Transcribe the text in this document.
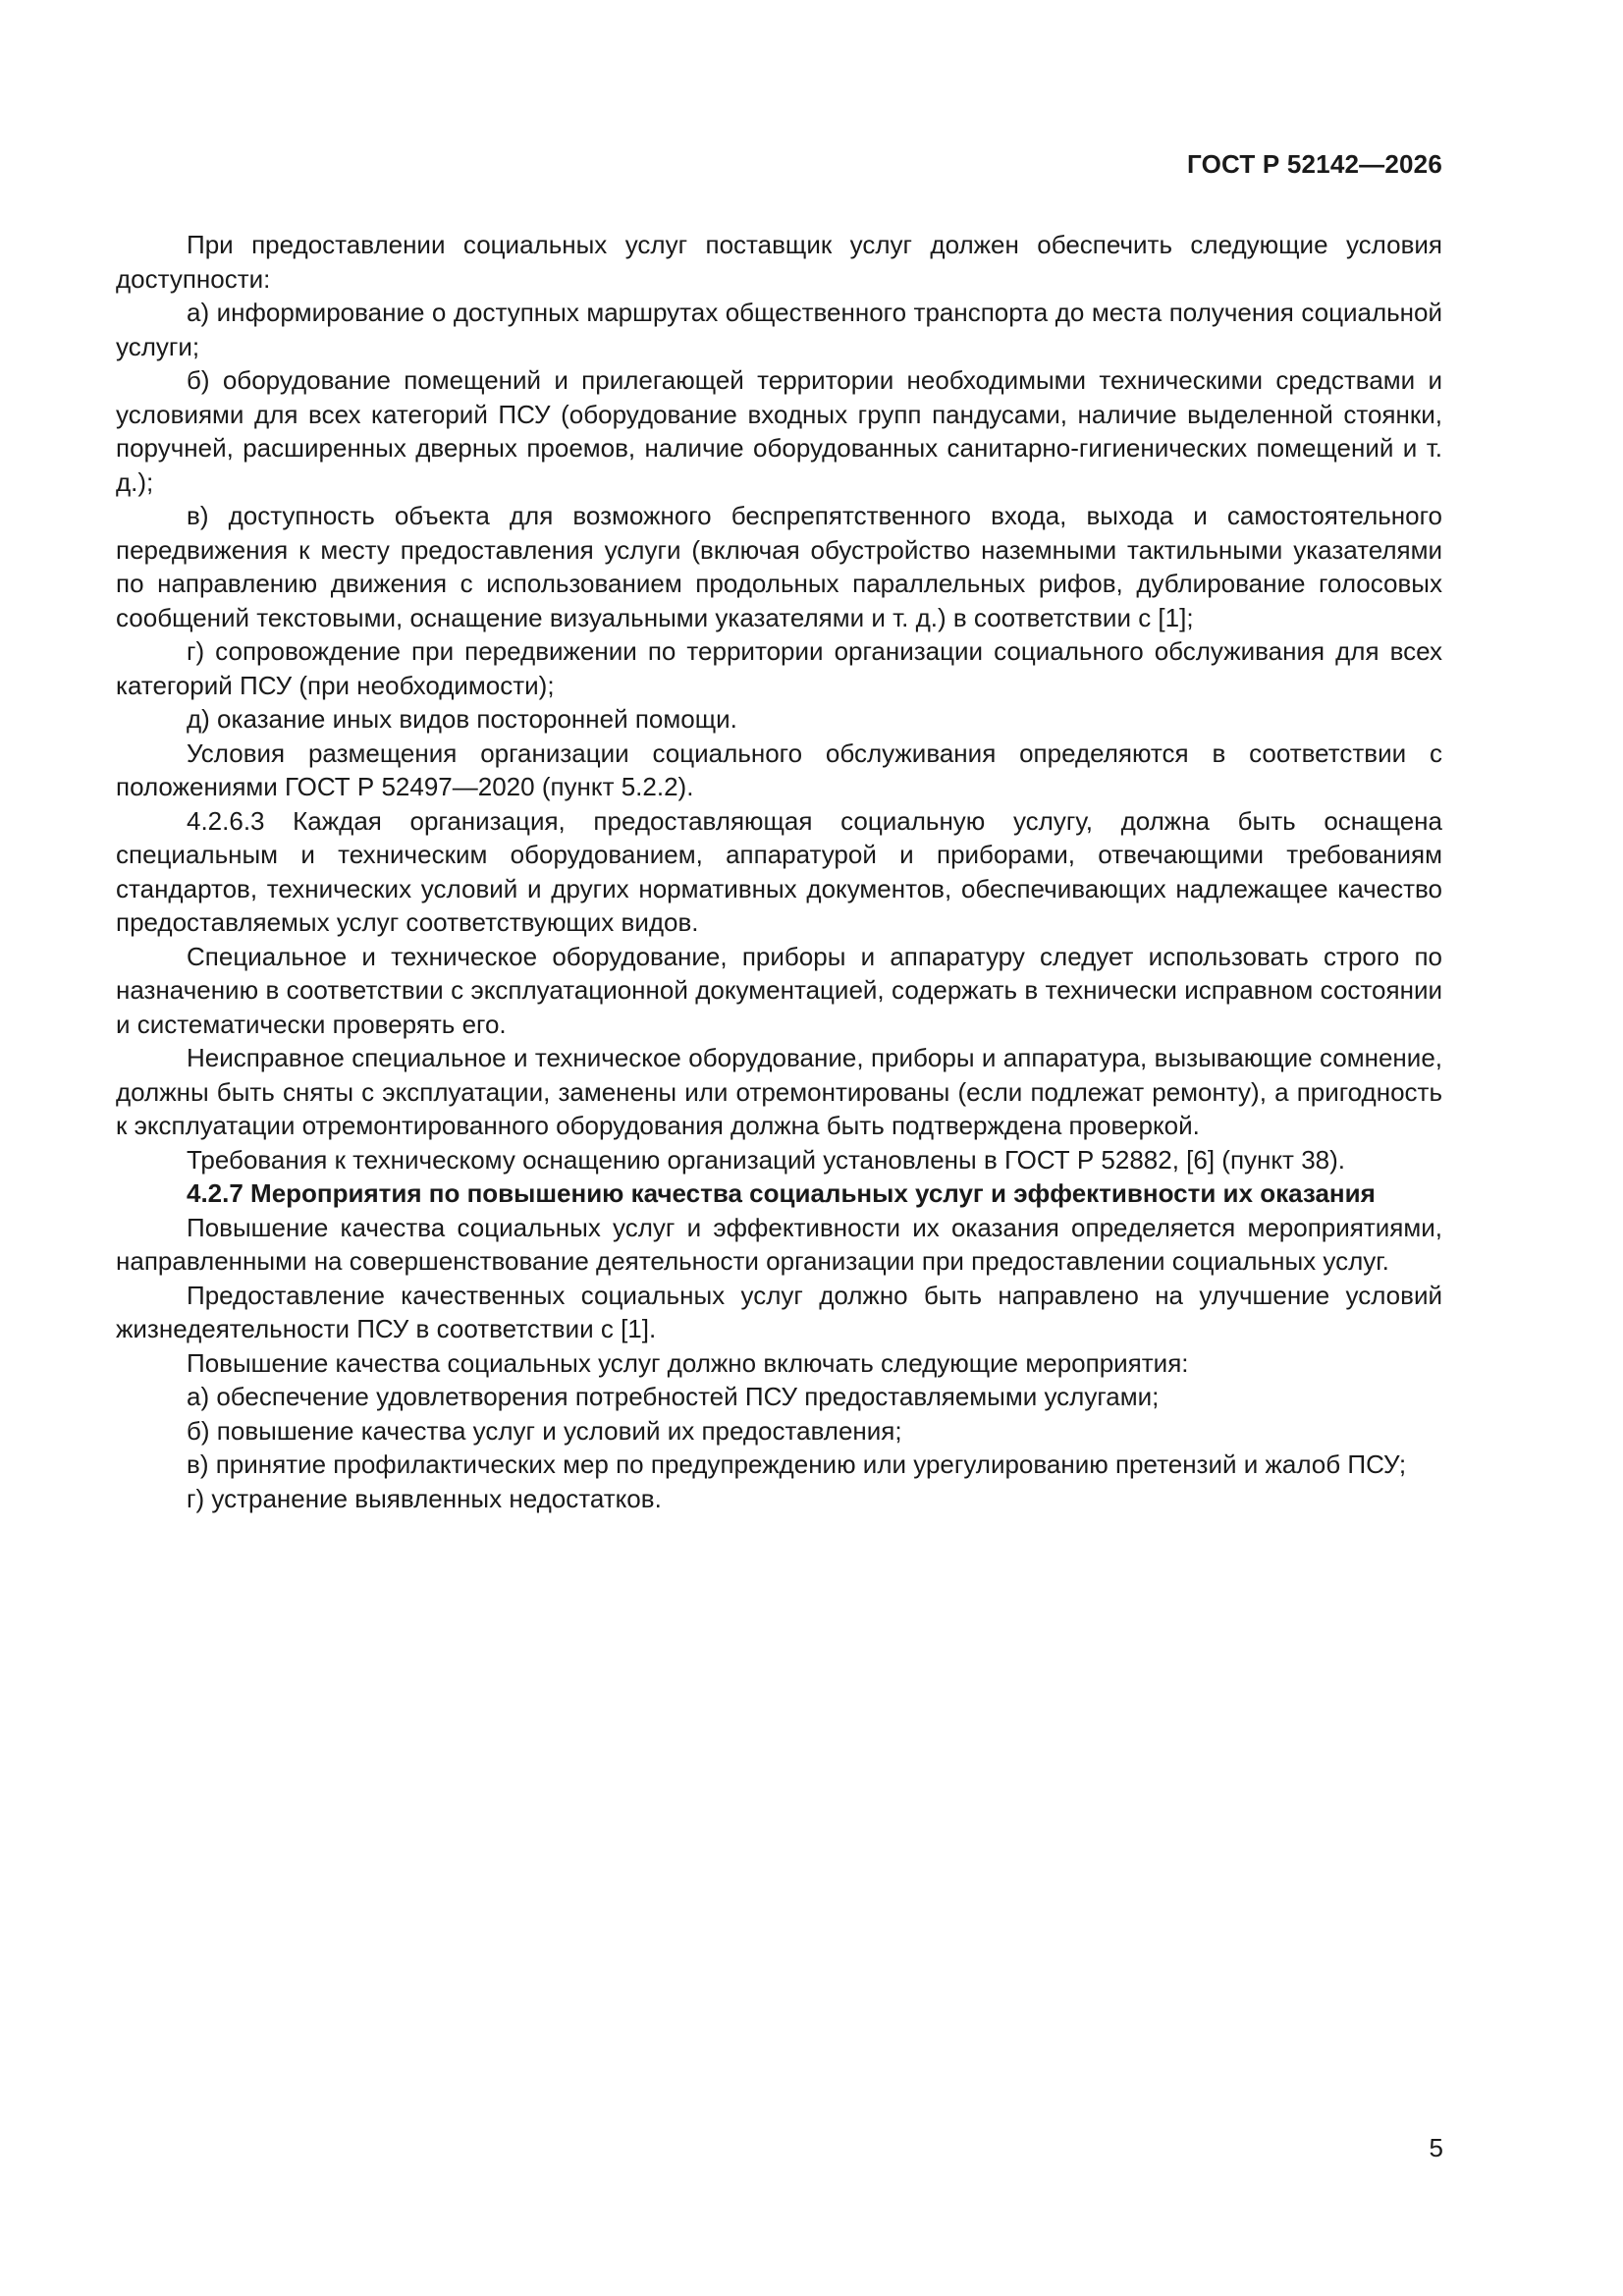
ГОСТ Р 52142—2026

При предоставлении социальных услуг поставщик услуг должен обеспечить следующие условия доступности:

а) информирование о доступных маршрутах общественного транспорта до места получения социальной услуги;

б) оборудование помещений и прилегающей территории необходимыми техническими средствами и условиями для всех категорий ПСУ (оборудование входных групп пандусами, наличие выделенной стоянки, поручней, расширенных дверных проемов, наличие оборудованных санитарно-гигиенических помещений и т. д.);

в) доступность объекта для возможного беспрепятственного входа, выхода и самостоятельного передвижения к месту предоставления услуги (включая обустройство наземными тактильными указателями по направлению движения с использованием продольных параллельных рифов, дублирование голосовых сообщений текстовыми, оснащение визуальными указателями и т. д.) в соответствии с [1];

г) сопровождение при передвижении по территории организации социального обслуживания для всех категорий ПСУ (при необходимости);

д) оказание иных видов посторонней помощи.

Условия размещения организации социального обслуживания определяются в соответствии с положениями ГОСТ Р 52497—2020 (пункт 5.2.2).

4.2.6.3 Каждая организация, предоставляющая социальную услугу, должна быть оснащена специальным и техническим оборудованием, аппаратурой и приборами, отвечающими требованиям стандартов, технических условий и других нормативных документов, обеспечивающих надлежащее качество предоставляемых услуг соответствующих видов.

Специальное и техническое оборудование, приборы и аппаратуру следует использовать строго по назначению в соответствии с эксплуатационной документацией, содержать в технически исправном состоянии и систематически проверять его.

Неисправное специальное и техническое оборудование, приборы и аппаратура, вызывающие сомнение, должны быть сняты с эксплуатации, заменены или отремонтированы (если подлежат ремонту), а пригодность к эксплуатации отремонтированного оборудования должна быть подтверждена проверкой.

Требования к техническому оснащению организаций установлены в ГОСТ Р 52882, [6] (пункт 38).

4.2.7 Мероприятия по повышению качества социальных услуг и эффективности их оказания

Повышение качества социальных услуг и эффективности их оказания определяется мероприятиями, направленными на совершенствование деятельности организации при предоставлении социальных услуг.

Предоставление качественных социальных услуг должно быть направлено на улучшение условий жизнедеятельности ПСУ в соответствии с [1].

Повышение качества социальных услуг должно включать следующие мероприятия:

а) обеспечение удовлетворения потребностей ПСУ предоставляемыми услугами;

б) повышение качества услуг и условий их предоставления;

в) принятие профилактических мер по предупреждению или урегулированию претензий и жалоб ПСУ;

г) устранение выявленных недостатков.

5
